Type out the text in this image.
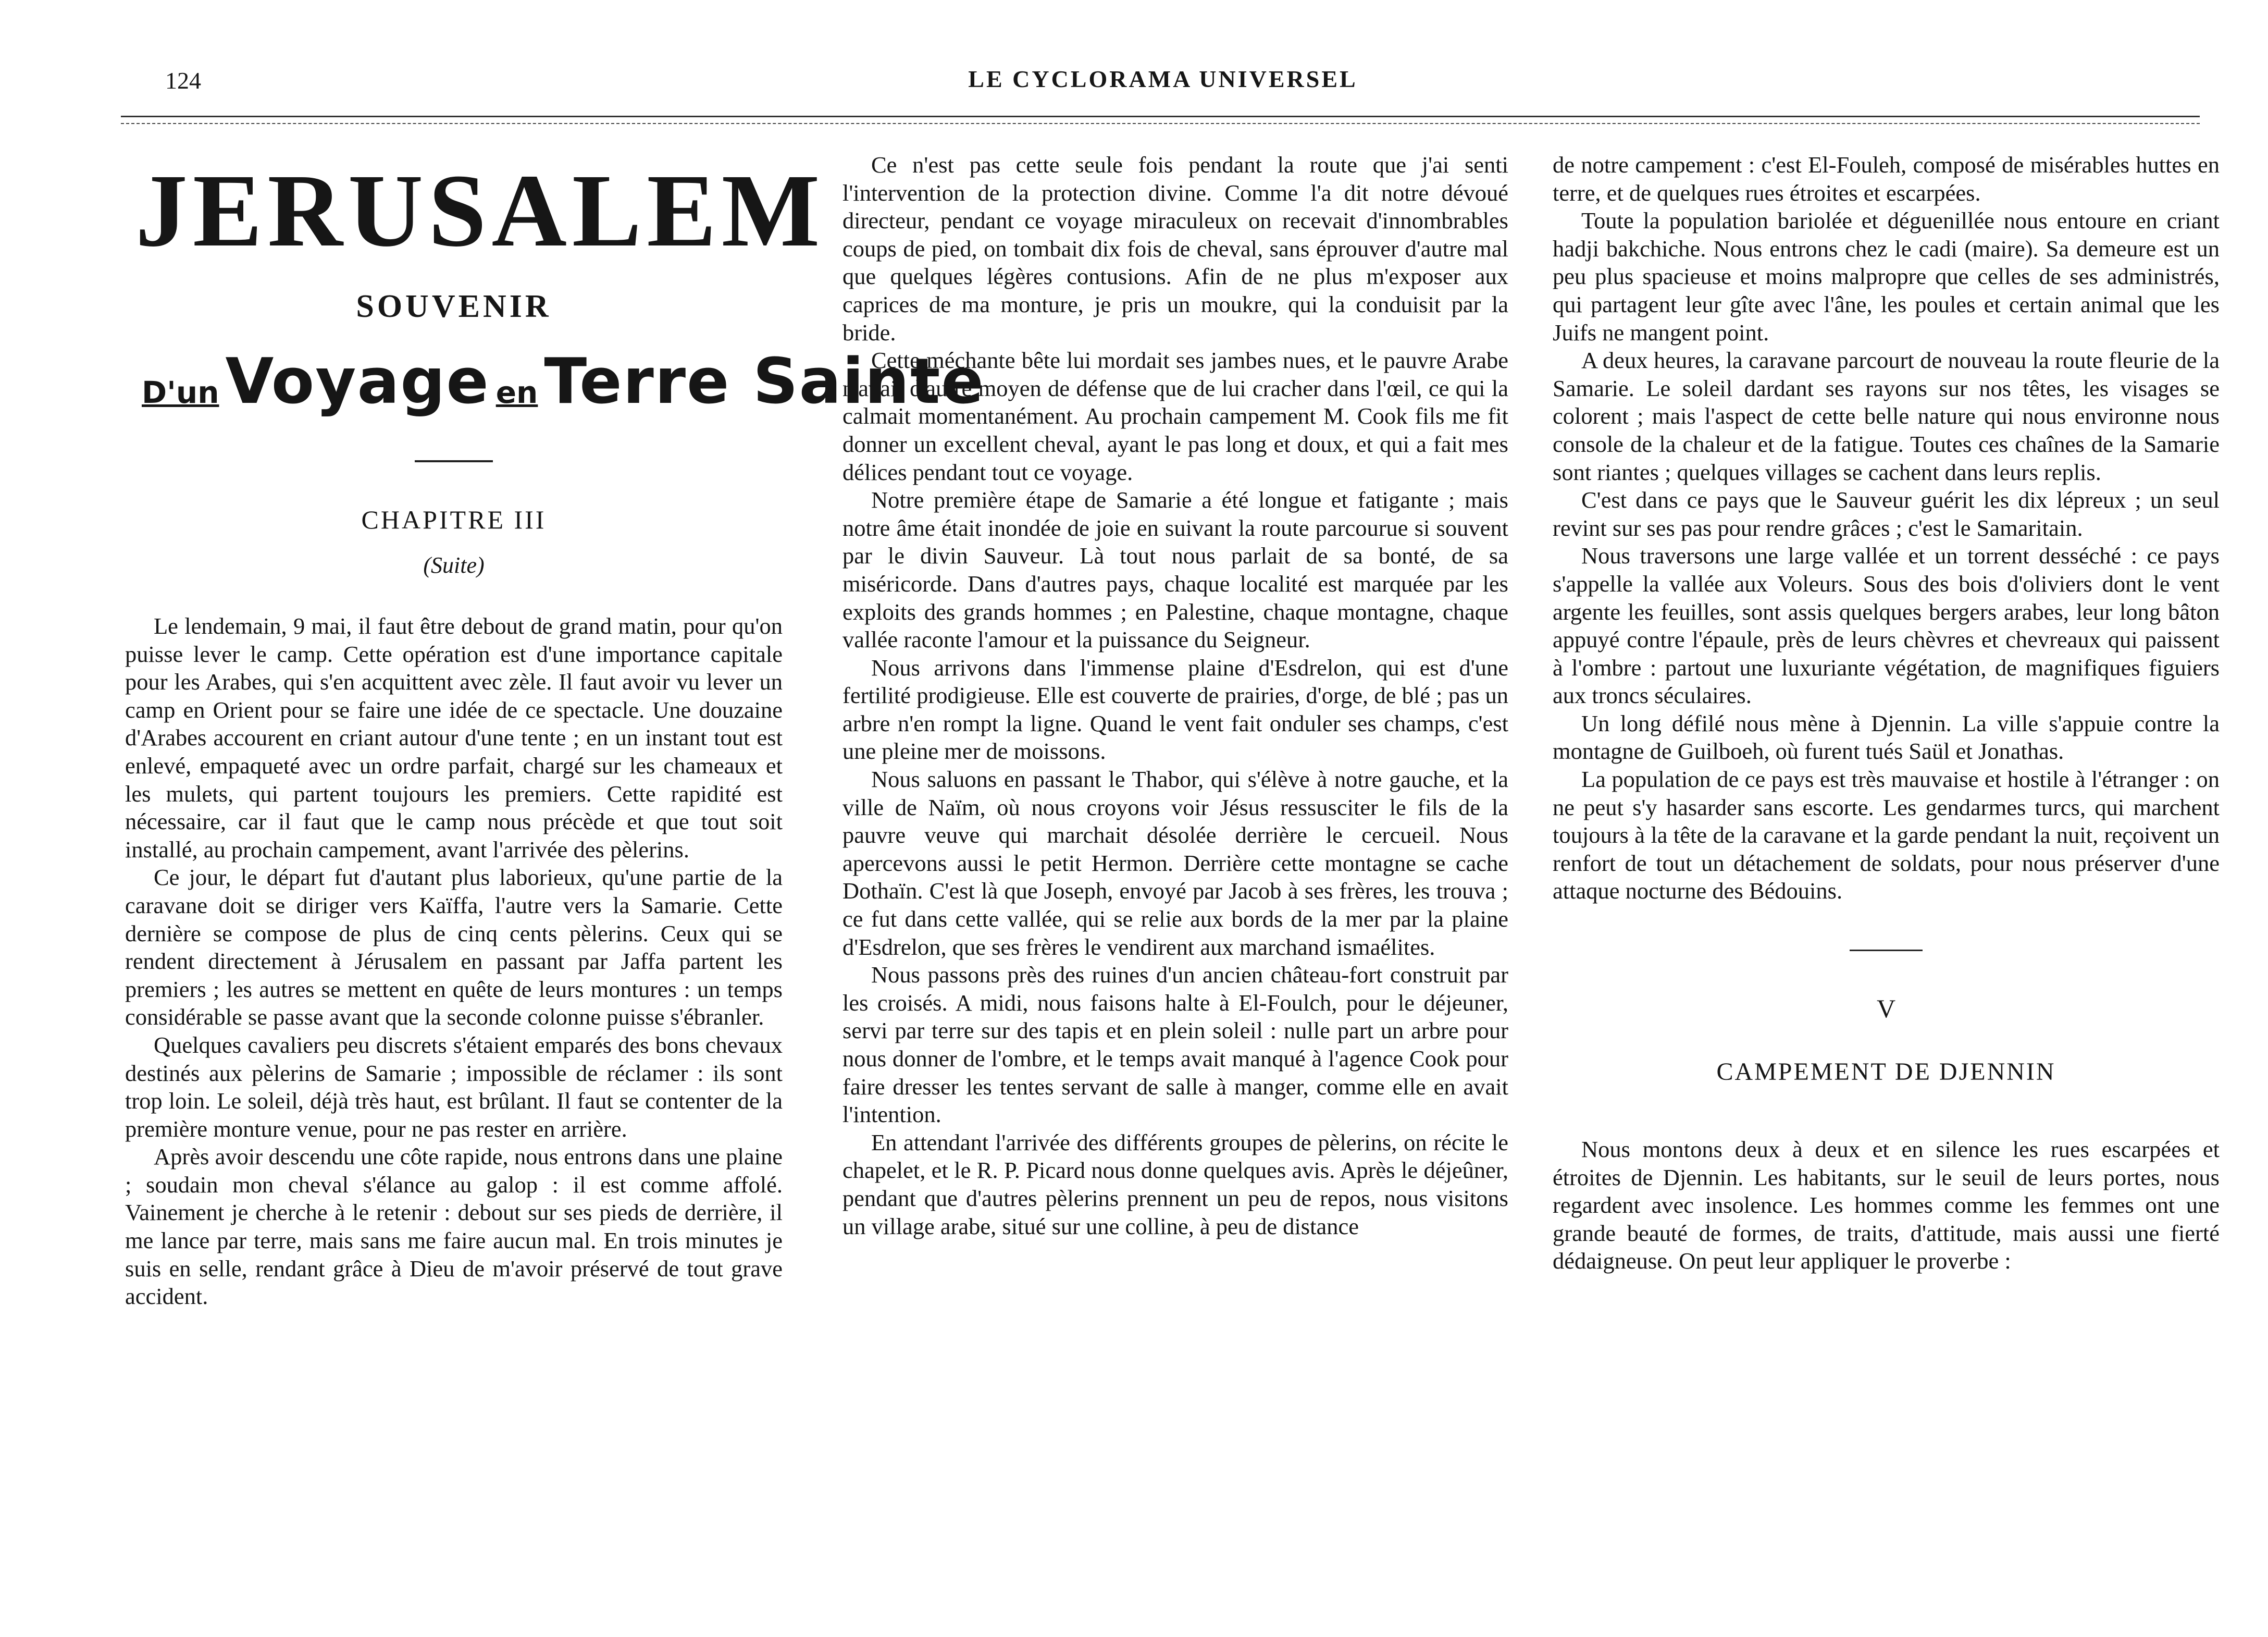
124	LE CYCLORAMA UNIVERSEL
JERUSALEM
SOUVENIR
D'un Voyage en Terre Sainte
CHAPITRE III
(Suite)

Le lendemain, 9 mai, il faut être debout de grand matin, pour qu'on puisse lever le camp. Cette opération est d'une importance capitale pour les Arabes, qui s'en acquittent avec zèle. Il faut avoir vu lever un camp en Orient pour se faire une idée de ce spectacle. Une douzaine d'Arabes accourent en criant autour d'une tente ; en un instant tout est enlevé, empaqueté avec un ordre parfait, chargé sur les chameaux et les mulets, qui partent toujours les premiers. Cette rapidité est nécessaire, car il faut que le camp nous précède et que tout soit installé, au prochain campement, avant l'arrivée des pèlerins.

Ce jour, le départ fut d'autant plus laborieux, qu'une partie de la caravane doit se diriger vers Kaïffa, l'autre vers la Samarie. Cette dernière se compose de plus de cinq cents pèlerins. Ceux qui se rendent directement à Jérusalem en passant par Jaffa partent les premiers ; les autres se mettent en quête de leurs montures : un temps considérable se passe avant que la seconde colonne puisse s'ébranler.

Quelques cavaliers peu discrets s'étaient emparés des bons chevaux destinés aux pèlerins de Samarie ; impossible de réclamer : ils sont trop loin. Le soleil, déjà très haut, est brûlant. Il faut se contenter de la première monture venue, pour ne pas rester en arrière.

Après avoir descendu une côte rapide, nous entrons dans une plaine ; soudain mon cheval s'élance au galop : il est comme affolé. Vainement je cherche à le retenir : debout sur ses pieds de derrière, il me lance par terre, mais sans me faire aucun mal. En trois minutes je suis en selle, rendant grâce à Dieu de m'avoir préservé de tout grave accident.

Ce n'est pas cette seule fois pendant la route que j'ai senti l'intervention de la protection divine. Comme l'a dit notre dévoué directeur, pendant ce voyage miraculeux on recevait d'innombrables coups de pied, on tombait dix fois de cheval, sans éprouver d'autre mal que quelques légères contusions. Afin de ne plus m'exposer aux caprices de ma monture, je pris un moukre, qui la conduisit par la bride.

Cette méchante bête lui mordait ses jambes nues, et le pauvre Arabe n'avait d'autre moyen de défense que de lui cracher dans l'œil, ce qui la calmait momentanément. Au prochain campement M. Cook fils me fit donner un excellent cheval, ayant le pas long et doux, et qui a fait mes délices pendant tout ce voyage.

Notre première étape de Samarie a été longue et fatigante ; mais notre âme était inondée de joie en suivant la route parcourue si souvent par le divin Sauveur. Là tout nous parlait de sa bonté, de sa miséricorde. Dans d'autres pays, chaque localité est marquée par les exploits des grands hommes ; en Palestine, chaque montagne, chaque vallée raconte l'amour et la puissance du Seigneur.

Nous arrivons dans l'immense plaine d'Esdrelon, qui est d'une fertilité prodigieuse. Elle est couverte de prairies, d'orge, de blé ; pas un arbre n'en rompt la ligne. Quand le vent fait onduler ses champs, c'est une pleine mer de moissons.

Nous saluons en passant le Thabor, qui s'élève à notre gauche, et la ville de Naïm, où nous croyons voir Jésus ressusciter le fils de la pauvre veuve qui marchait désolée derrière le cercueil. Nous apercevons aussi le petit Hermon. Derrière cette montagne se cache Dothaïn. C'est là que Joseph, envoyé par Jacob à ses frères, les trouva ; ce fut dans cette vallée, qui se relie aux bords de la mer par la plaine d'Esdrelon, que ses frères le vendirent aux marchand ismaélites.

Nous passons près des ruines d'un ancien château-fort construit par les croisés. A midi, nous faisons halte à El-Foulch, pour le déjeuner, servi par terre sur des tapis et en plein soleil : nulle part un arbre pour nous donner de l'ombre, et le temps avait manqué à l'agence Cook pour faire dresser les tentes servant de salle à manger, comme elle en avait l'intention.

En attendant l'arrivée des différents groupes de pèlerins, on récite le chapelet, et le R. P. Picard nous donne quelques avis. Après le déjeûner, pendant que d'autres pèlerins prennent un peu de repos, nous visitons un village arabe, situé sur une colline, à peu de distance

de notre campement : c'est El-Fouleh, composé de misérables huttes en terre, et de quelques rues étroites et escarpées.

Toute la population bariolée et déguenillée nous entoure en criant hadji bakchiche. Nous entrons chez le cadi (maire). Sa demeure est un peu plus spacieuse et moins malpropre que celles de ses administrés, qui partagent leur gîte avec l'âne, les poules et certain animal que les Juifs ne mangent point.

A deux heures, la caravane parcourt de nouveau la route fleurie de la Samarie. Le soleil dardant ses rayons sur nos têtes, les visages se colorent ; mais l'aspect de cette belle nature qui nous environne nous console de la chaleur et de la fatigue. Toutes ces chaînes de la Samarie sont riantes ; quelques villages se cachent dans leurs replis.

C'est dans ce pays que le Sauveur guérit les dix lépreux ; un seul revint sur ses pas pour rendre grâces ; c'est le Samaritain.

Nous traversons une large vallée et un torrent desséché : ce pays s'appelle la vallée aux Voleurs. Sous des bois d'oliviers dont le vent argente les feuilles, sont assis quelques bergers arabes, leur long bâton appuyé contre l'épaule, près de leurs chèvres et chevreaux qui paissent à l'ombre : partout une luxuriante végétation, de magnifiques figuiers aux troncs séculaires.

Un long défilé nous mène à Djennin. La ville s'appuie contre la montagne de Guilboeh, où furent tués Saül et Jonathas.

La population de ce pays est très mauvaise et hostile à l'étranger : on ne peut s'y hasarder sans escorte. Les gendarmes turcs, qui marchent toujours à la tête de la caravane et la garde pendant la nuit, reçoivent un renfort de tout un détachement de soldats, pour nous préserver d'une attaque nocturne des Bédouins.

V
CAMPEMENT DE DJENNIN

Nous montons deux à deux et en silence les rues escarpées et étroites de Djennin. Les habitants, sur le seuil de leurs portes, nous regardent avec insolence. Les hommes comme les femmes ont une grande beauté de formes, de traits, d'attitude, mais aussi une fierté dédaigneuse. On peut leur appliquer le proverbe :
